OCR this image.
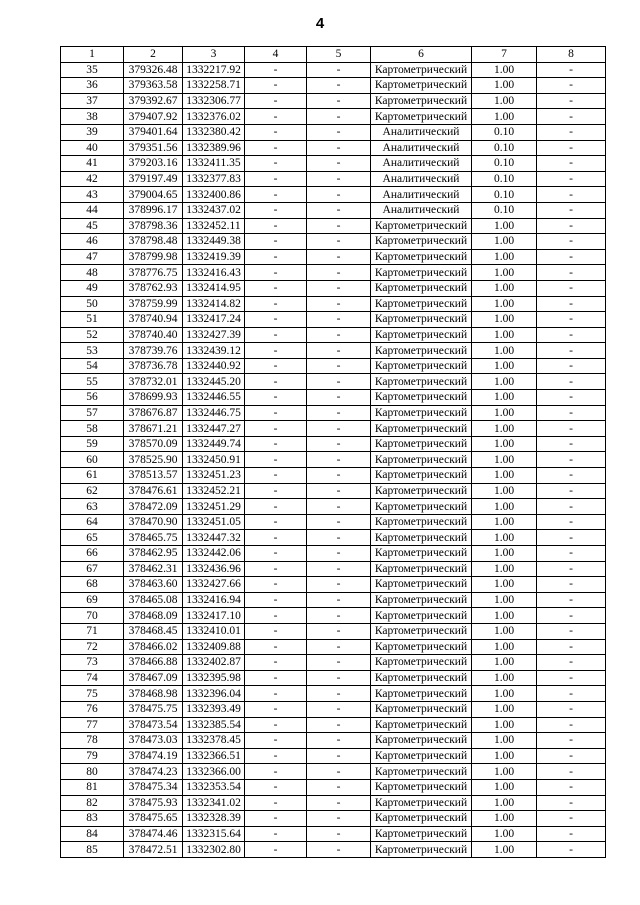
4
1	2	3	4	5	6	7	8
35	379326.48	1332217.92	-	-	Картометрический	1.00	-
36	379363.58	1332258.71	-	-	Картометрический	1.00	-
37	379392.67	1332306.77	-	-	Картометрический	1.00	-
38	379407.92	1332376.02	-	-	Картометрический	1.00	-
39	379401.64	1332380.42	-	-	Аналитический	0.10	-
40	379351.56	1332389.96	-	-	Аналитический	0.10	-
41	379203.16	1332411.35	-	-	Аналитический	0.10	-
42	379197.49	1332377.83	-	-	Аналитический	0.10	-
43	379004.65	1332400.86	-	-	Аналитический	0.10	-
44	378996.17	1332437.02	-	-	Аналитический	0.10	-
45	378798.36	1332452.11	-	-	Картометрический	1.00	-
46	378798.48	1332449.38	-	-	Картометрический	1.00	-
47	378799.98	1332419.39	-	-	Картометрический	1.00	-
48	378776.75	1332416.43	-	-	Картометрический	1.00	-
49	378762.93	1332414.95	-	-	Картометрический	1.00	-
50	378759.99	1332414.82	-	-	Картометрический	1.00	-
51	378740.94	1332417.24	-	-	Картометрический	1.00	-
52	378740.40	1332427.39	-	-	Картометрический	1.00	-
53	378739.76	1332439.12	-	-	Картометрический	1.00	-
54	378736.78	1332440.92	-	-	Картометрический	1.00	-
55	378732.01	1332445.20	-	-	Картометрический	1.00	-
56	378699.93	1332446.55	-	-	Картометрический	1.00	-
57	378676.87	1332446.75	-	-	Картометрический	1.00	-
58	378671.21	1332447.27	-	-	Картометрический	1.00	-
59	378570.09	1332449.74	-	-	Картометрический	1.00	-
60	378525.90	1332450.91	-	-	Картометрический	1.00	-
61	378513.57	1332451.23	-	-	Картометрический	1.00	-
62	378476.61	1332452.21	-	-	Картометрический	1.00	-
63	378472.09	1332451.29	-	-	Картометрический	1.00	-
64	378470.90	1332451.05	-	-	Картометрический	1.00	-
65	378465.75	1332447.32	-	-	Картометрический	1.00	-
66	378462.95	1332442.06	-	-	Картометрический	1.00	-
67	378462.31	1332436.96	-	-	Картометрический	1.00	-
68	378463.60	1332427.66	-	-	Картометрический	1.00	-
69	378465.08	1332416.94	-	-	Картометрический	1.00	-
70	378468.09	1332417.10	-	-	Картометрический	1.00	-
71	378468.45	1332410.01	-	-	Картометрический	1.00	-
72	378466.02	1332409.88	-	-	Картометрический	1.00	-
73	378466.88	1332402.87	-	-	Картометрический	1.00	-
74	378467.09	1332395.98	-	-	Картометрический	1.00	-
75	378468.98	1332396.04	-	-	Картометрический	1.00	-
76	378475.75	1332393.49	-	-	Картометрический	1.00	-
77	378473.54	1332385.54	-	-	Картометрический	1.00	-
78	378473.03	1332378.45	-	-	Картометрический	1.00	-
79	378474.19	1332366.51	-	-	Картометрический	1.00	-
80	378474.23	1332366.00	-	-	Картометрический	1.00	-
81	378475.34	1332353.54	-	-	Картометрический	1.00	-
82	378475.93	1332341.02	-	-	Картометрический	1.00	-
83	378475.65	1332328.39	-	-	Картометрический	1.00	-
84	378474.46	1332315.64	-	-	Картометрический	1.00	-
85	378472.51	1332302.80	-	-	Картометрический	1.00	-
